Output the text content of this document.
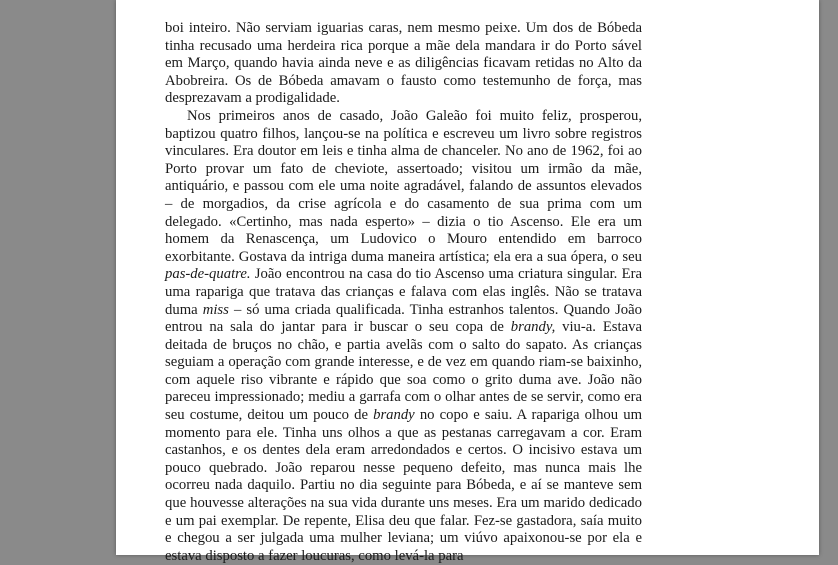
boi inteiro. Não serviam iguarias caras, nem mesmo peixe. Um dos de Bóbeda tinha recusado uma herdeira rica porque a mãe dela mandara ir do Porto sável em Março, quando havia ainda neve e as diligências ficavam retidas no Alto da Abobreira. Os de Bóbeda amavam o fausto como testemunho de força, mas desprezavam a prodigalidade.

Nos primeiros anos de casado, João Galeão foi muito feliz, prosperou, baptizou quatro filhos, lançou-se na política e escreveu um livro sobre registros vinculares. Era doutor em leis e tinha alma de chanceler. No ano de 1962, foi ao Porto provar um fato de cheviote, assertoado; visitou um irmão da mãe, antiquário, e passou com ele uma noite agradável, falando de assuntos elevados – de morgadios, da crise agrícola e do casamento de sua prima com um delegado. «Certinho, mas nada esperto» – dizia o tio Ascenso. Ele era um homem da Renascença, um Ludovico o Mouro entendido em barroco exorbitante. Gostava da intriga duma maneira artística; ela era a sua ópera, o seu pas-de-quatre. João encontrou na casa do tio Ascenso uma criatura singular. Era uma rapariga que tratava das crianças e falava com elas inglês. Não se tratava duma miss – só uma criada qualificada. Tinha estranhos talentos. Quando João entrou na sala do jantar para ir buscar o seu copa de brandy, viu-a. Estava deitada de bruços no chão, e partia avelãs com o salto do sapato. As crianças seguiam a operação com grande interesse, e de vez em quando riam-se baixinho, com aquele riso vibrante e rápido que soa como o grito duma ave. João não pareceu impressionado; mediu a garrafa com o olhar antes de se servir, como era seu costume, deitou um pouco de brandy no copo e saiu. A rapariga olhou um momento para ele. Tinha uns olhos a que as pestanas carregavam a cor. Eram castanhos, e os dentes dela eram arredondados e certos. O incisivo estava um pouco quebrado. João reparou nesse pequeno defeito, mas nunca mais lhe ocorreu nada daquilo. Partiu no dia seguinte para Bóbeda, e aí se manteve sem que houvesse alterações na sua vida durante uns meses. Era um marido dedicado e um pai exemplar. De repente, Elisa deu que falar. Fez-se gastadora, saía muito e chegou a ser julgada uma mulher leviana; um viúvo apaixonou-se por ela e estava disposto a fazer loucuras, como levá-la para
